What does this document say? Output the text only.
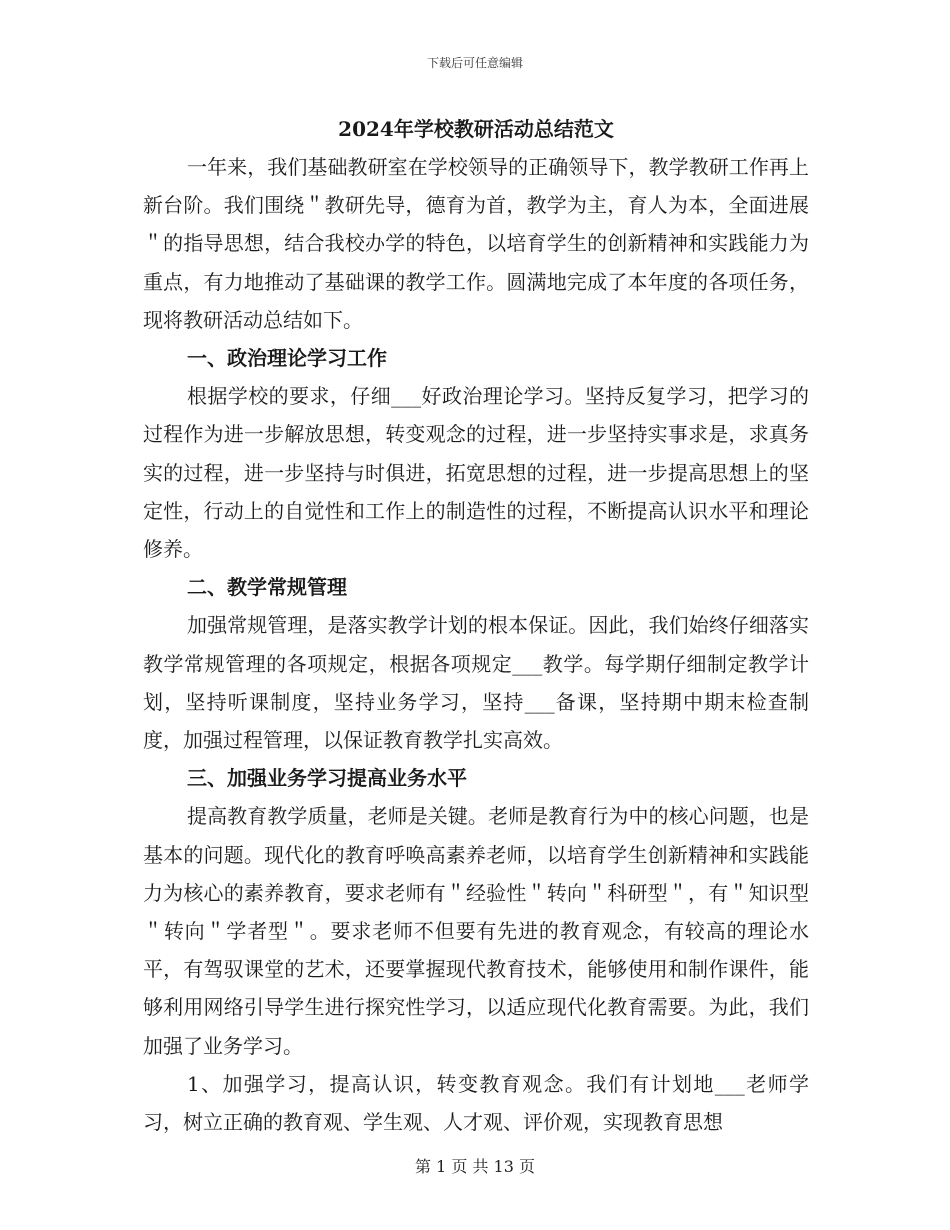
下载后可任意编辑
2024年学校教研活动总结范文

一年来，我们基础教研室在学校领导的正确领导下，教学教研工作再上新台阶。我们围绕＂教研先导，德育为首，教学为主，育人为本，全面进展＂的指导思想，结合我校办学的特色，以培育学生的创新精神和实践能力为重点，有力地推动了基础课的教学工作。圆满地完成了本年度的各项任务，现将教研活动总结如下。

一、政治理论学习工作

根据学校的要求，仔细___好政治理论学习。坚持反复学习，把学习的过程作为进一步解放思想，转变观念的过程，进一步坚持实事求是，求真务实的过程，进一步坚持与时俱进，拓宽思想的过程，进一步提高思想上的坚定性，行动上的自觉性和工作上的制造性的过程，不断提高认识水平和理论修养。

二、教学常规管理

加强常规管理，是落实教学计划的根本保证。因此，我们始终仔细落实教学常规管理的各项规定，根据各项规定___教学。每学期仔细制定教学计划，坚持听课制度，坚持业务学习，坚持___备课，坚持期中期末检查制度，加强过程管理，以保证教育教学扎实高效。

三、加强业务学习提高业务水平

提高教育教学质量，老师是关键。老师是教育行为中的核心问题，也是基本的问题。现代化的教育呼唤高素养老师，以培育学生创新精神和实践能力为核心的素养教育，要求老师有＂经验性＂转向＂科研型＂，有＂知识型＂转向＂学者型＂。要求老师不但要有先进的教育观念，有较高的理论水平，有驾驭课堂的艺术，还要掌握现代教育技术，能够使用和制作课件，能够利用网络引导学生进行探究性学习，以适应现代化教育需要。为此，我们加强了业务学习。

1、加强学习，提高认识，转变教育观念。我们有计划地___老师学习，树立正确的教育观、学生观、人才观、评价观，实现教育思想

第 1 页 共 13 页
